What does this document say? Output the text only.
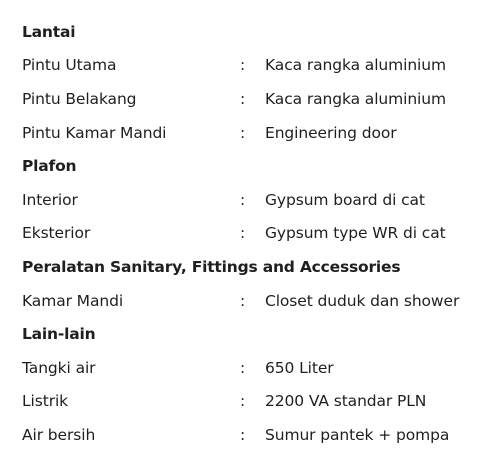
Lantai
Pintu Utama	: Kaca rangka aluminium
Pintu Belakang	: Kaca rangka aluminium
Pintu Kamar Mandi	: Engineering door
Plafon
Interior	: Gypsum board di cat
Eksterior	: Gypsum type WR di cat
Peralatan Sanitary, Fittings and Accessories
Kamar Mandi	: Closet duduk dan shower
Lain-lain
Tangki air	: 650 Liter
Listrik	: 2200 VA standar PLN
Air bersih	: Sumur pantek + pompa
